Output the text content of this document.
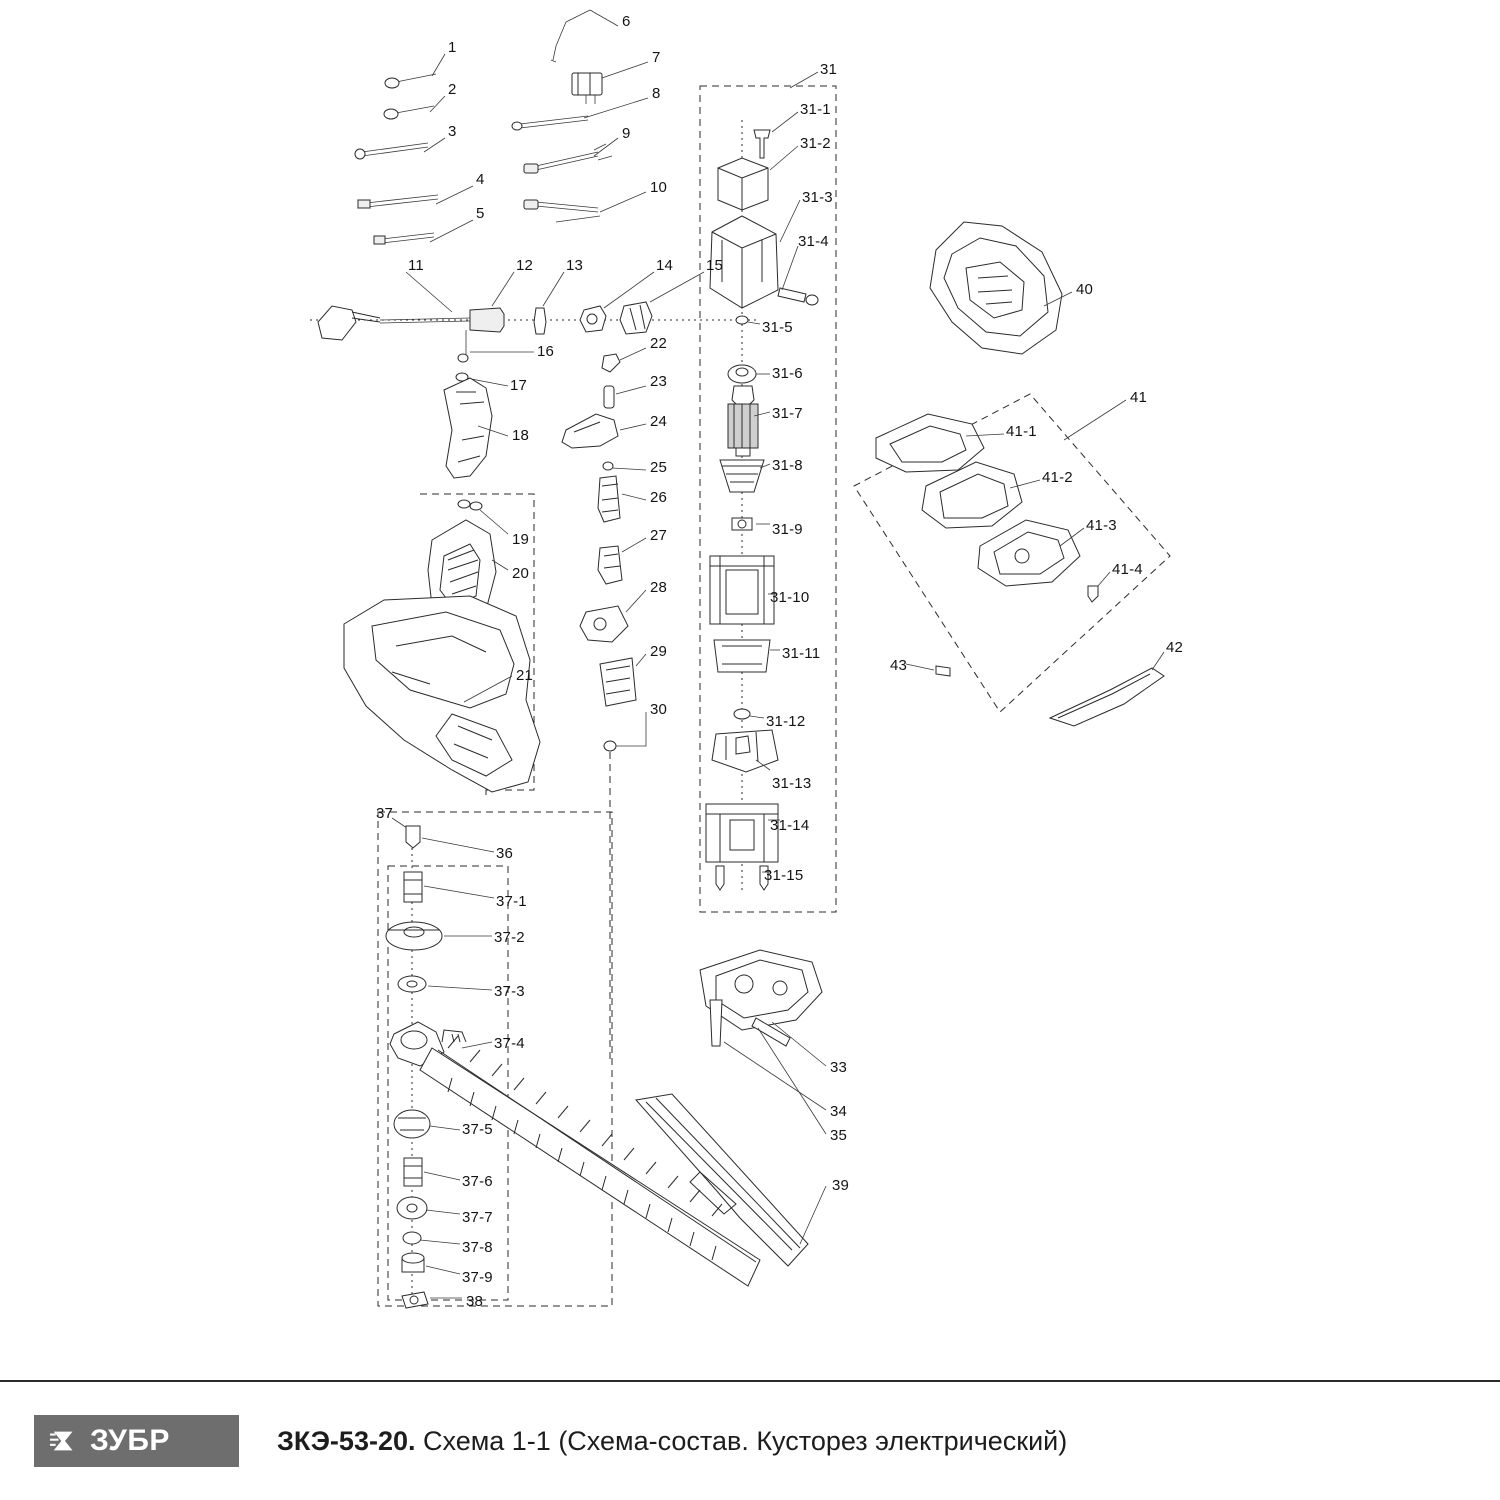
1
2
3
4
5
6
7
8
9
10
11	12 13	14 15
16
17
18
19
20
21
22
23
24
25
26
27
28
29
30
31
31-1
31-2
31-3
31-4
31-5
31-6
31-7
31-8
31-9
31-10
31-11
31-12
31-13
31-14
31-15
33
34
35
36
37
37-1
37-2
37-3
37-4
37-5
37-6
37-7
37-8
37-9
38
39
40
41
41-1
41-2
41-3
41-4
42
43
ЗУБР	ЗКЭ-53-20. Схема 1-1 (Схема-состав. Кусторез электрический)
